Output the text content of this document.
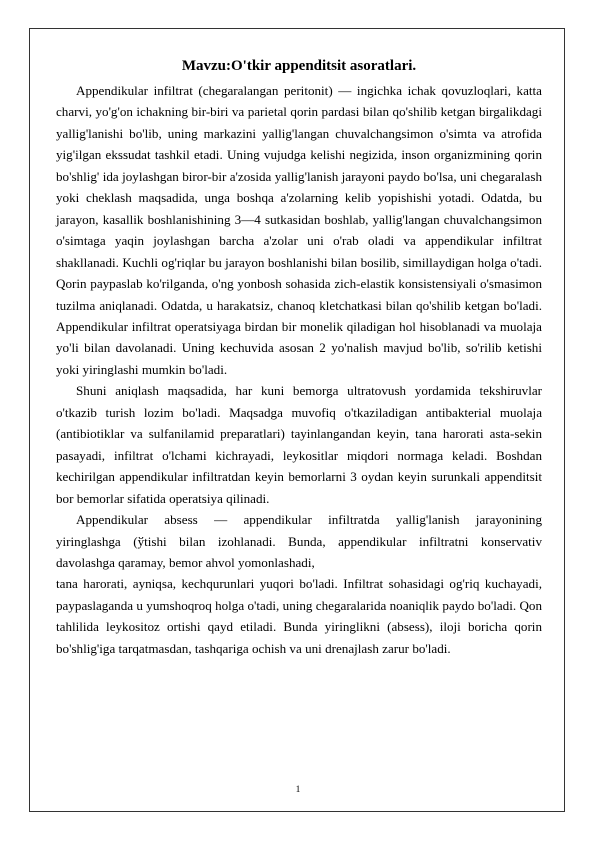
Mavzu:O'tkir appenditsit asoratlari.

Appendikular infiltrat (chegaralangan peritonit) — ingichka ichak qovuzloqlari, katta charvi, yo'g'on ichakning bir-biri va parietal qorin pardasi bilan qo'shilib ketgan birgalikdagi yallig'lanishi bo'lib, uning markazini yallig'langan chuvalchangsimon o'simta va atrofida yig'ilgan ekssudat tashkil etadi. Uning vujudga kelishi negizida, inson organizmining qorin bo'shlig' ida joylashgan biror-bir a'zosida yallig'lanish jarayoni paydo bo'lsa, uni chegaralash yoki cheklash maqsadida, unga boshqa a'zolarning kelib yopishishi yotadi. Odatda, bu jarayon, kasallik boshlanishining 3—4 sutkasidan boshlab, yallig'langan chuvalchangsimon o'simtaga yaqin joylashgan barcha a'zolar uni o'rab oladi va appendikular infiltrat shakllanadi. Kuchli og'riqlar bu jarayon boshlanishi bilan bosilib, simillaydigan holga o'tadi. Qorin paypaslab ko'rilganda, o'ng yonbosh sohasida zich-elastik konsistensiyali o'smasimon tuzilma aniqlanadi. Odatda, u harakatsiz, chanoq kletchatkasi bilan qo'shilib ketgan bo'ladi. Appendikular infiltrat operatsiyaga birdan bir monelik qiladigan hol hisoblanadi va muolaja yo'li bilan davolanadi. Uning kechuvida asosan 2 yo'nalish mavjud bo'lib, so'rilib ketishi yoki yiringlashi mumkin bo'ladi.

Shuni aniqlash maqsadida, har kuni bemorga ultratovush yordamida tekshiruvlar o'tkazib turish lozim bo'ladi. Maqsadga muvofiq o'tkaziladigan antibakterial muolaja (antibiotiklar va sulfanilamid preparatlari) tayinlangandan keyin, tana harorati asta-sekin pasayadi, infiltrat o'lchami kichrayadi, leykositlar miqdori normaga keladi. Boshdan kechirilgan appendikular infiltratdan keyin bemorlarni 3 oydan keyin surunkali appenditsit bor bemorlar sifatida operatsiya qilinadi.

Appendikular absess — appendikular infiltratda yallig'lanish jarayonining

yiringlashga (ўtishi bilan izohlanadi. Bunda, appendikular infiltratni konservativ

davolashga qaramay, bemor ahvol yomonlashadi,

tana harorati, ayniqsa, kechqurunlari yuqori bo'ladi. Infiltrat sohasidagi og'riq kuchayadi, paypaslaganda u yumshoqroq holga o'tadi, uning chegaralarida noaniqlik paydo bo'ladi. Qon tahlilida leykositoz ortishi qayd etiladi. Bunda yiringlikni (absess), iloji boricha qorin bo'shlig'iga tarqatmasdan, tashqariga ochish va uni drenajlash zarur bo'ladi.

1
